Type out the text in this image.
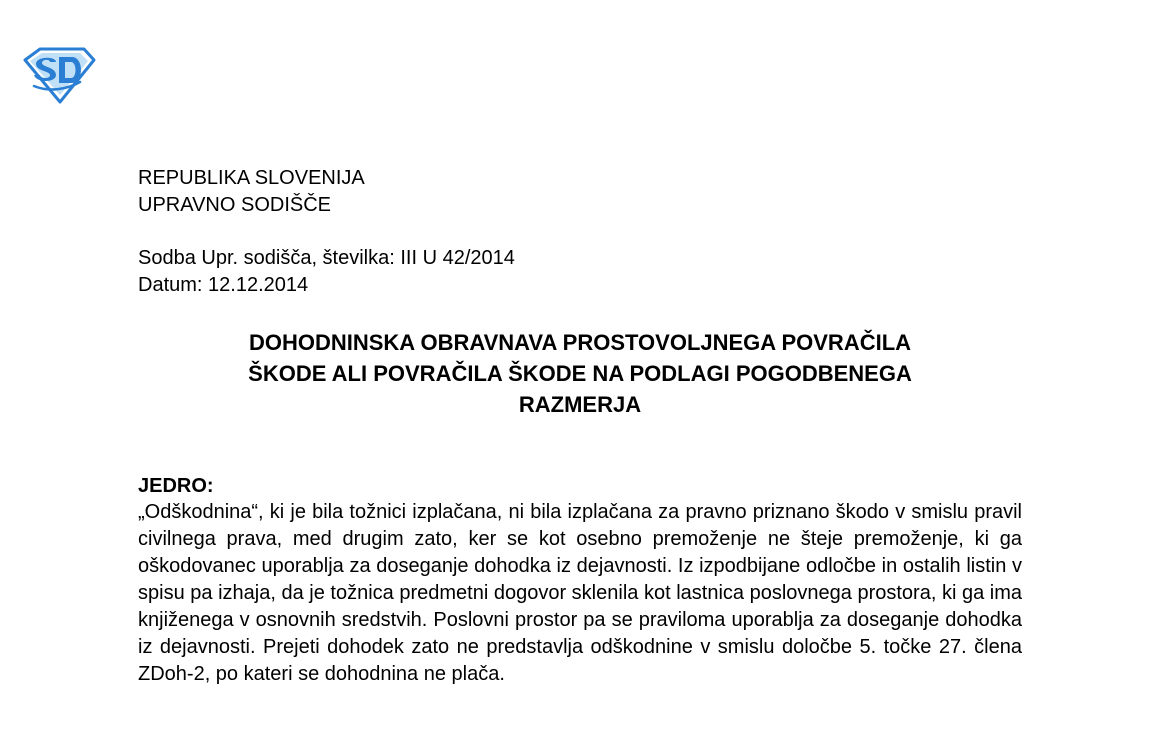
REPUBLIKA SLOVENIJA
UPRAVNO SODIŠČE
Sodba Upr. sodišča, številka: III U 42/2014
Datum: 12.12.2014
DOHODNINSKA OBRAVNAVA PROSTOVOLJNEGA POVRAČILA
ŠKODE ALI POVRAČILA ŠKODE NA PODLAGI POGODBENEGA
RAZMERJA
JEDRO:

„Odškodnina“, ki je bila tožnici izplačana, ni bila izplačana za pravno priznano škodo v smislu pravil civilnega prava, med drugim zato, ker se kot osebno premoženje ne šteje premoženje, ki ga oškodovanec uporablja za doseganje dohodka iz dejavnosti. Iz izpodbijane odločbe in ostalih listin v spisu pa izhaja, da je tožnica predmetni dogovor sklenila kot lastnica poslovnega prostora, ki ga ima knjiženega v osnovnih sredstvih. Poslovni prostor pa se praviloma uporablja za doseganje dohodka iz dejavnosti. Prejeti dohodek zato ne predstavlja odškodnine v smislu določbe 5. točke 27. člena ZDoh-2, po kateri se dohodnina ne plača.
